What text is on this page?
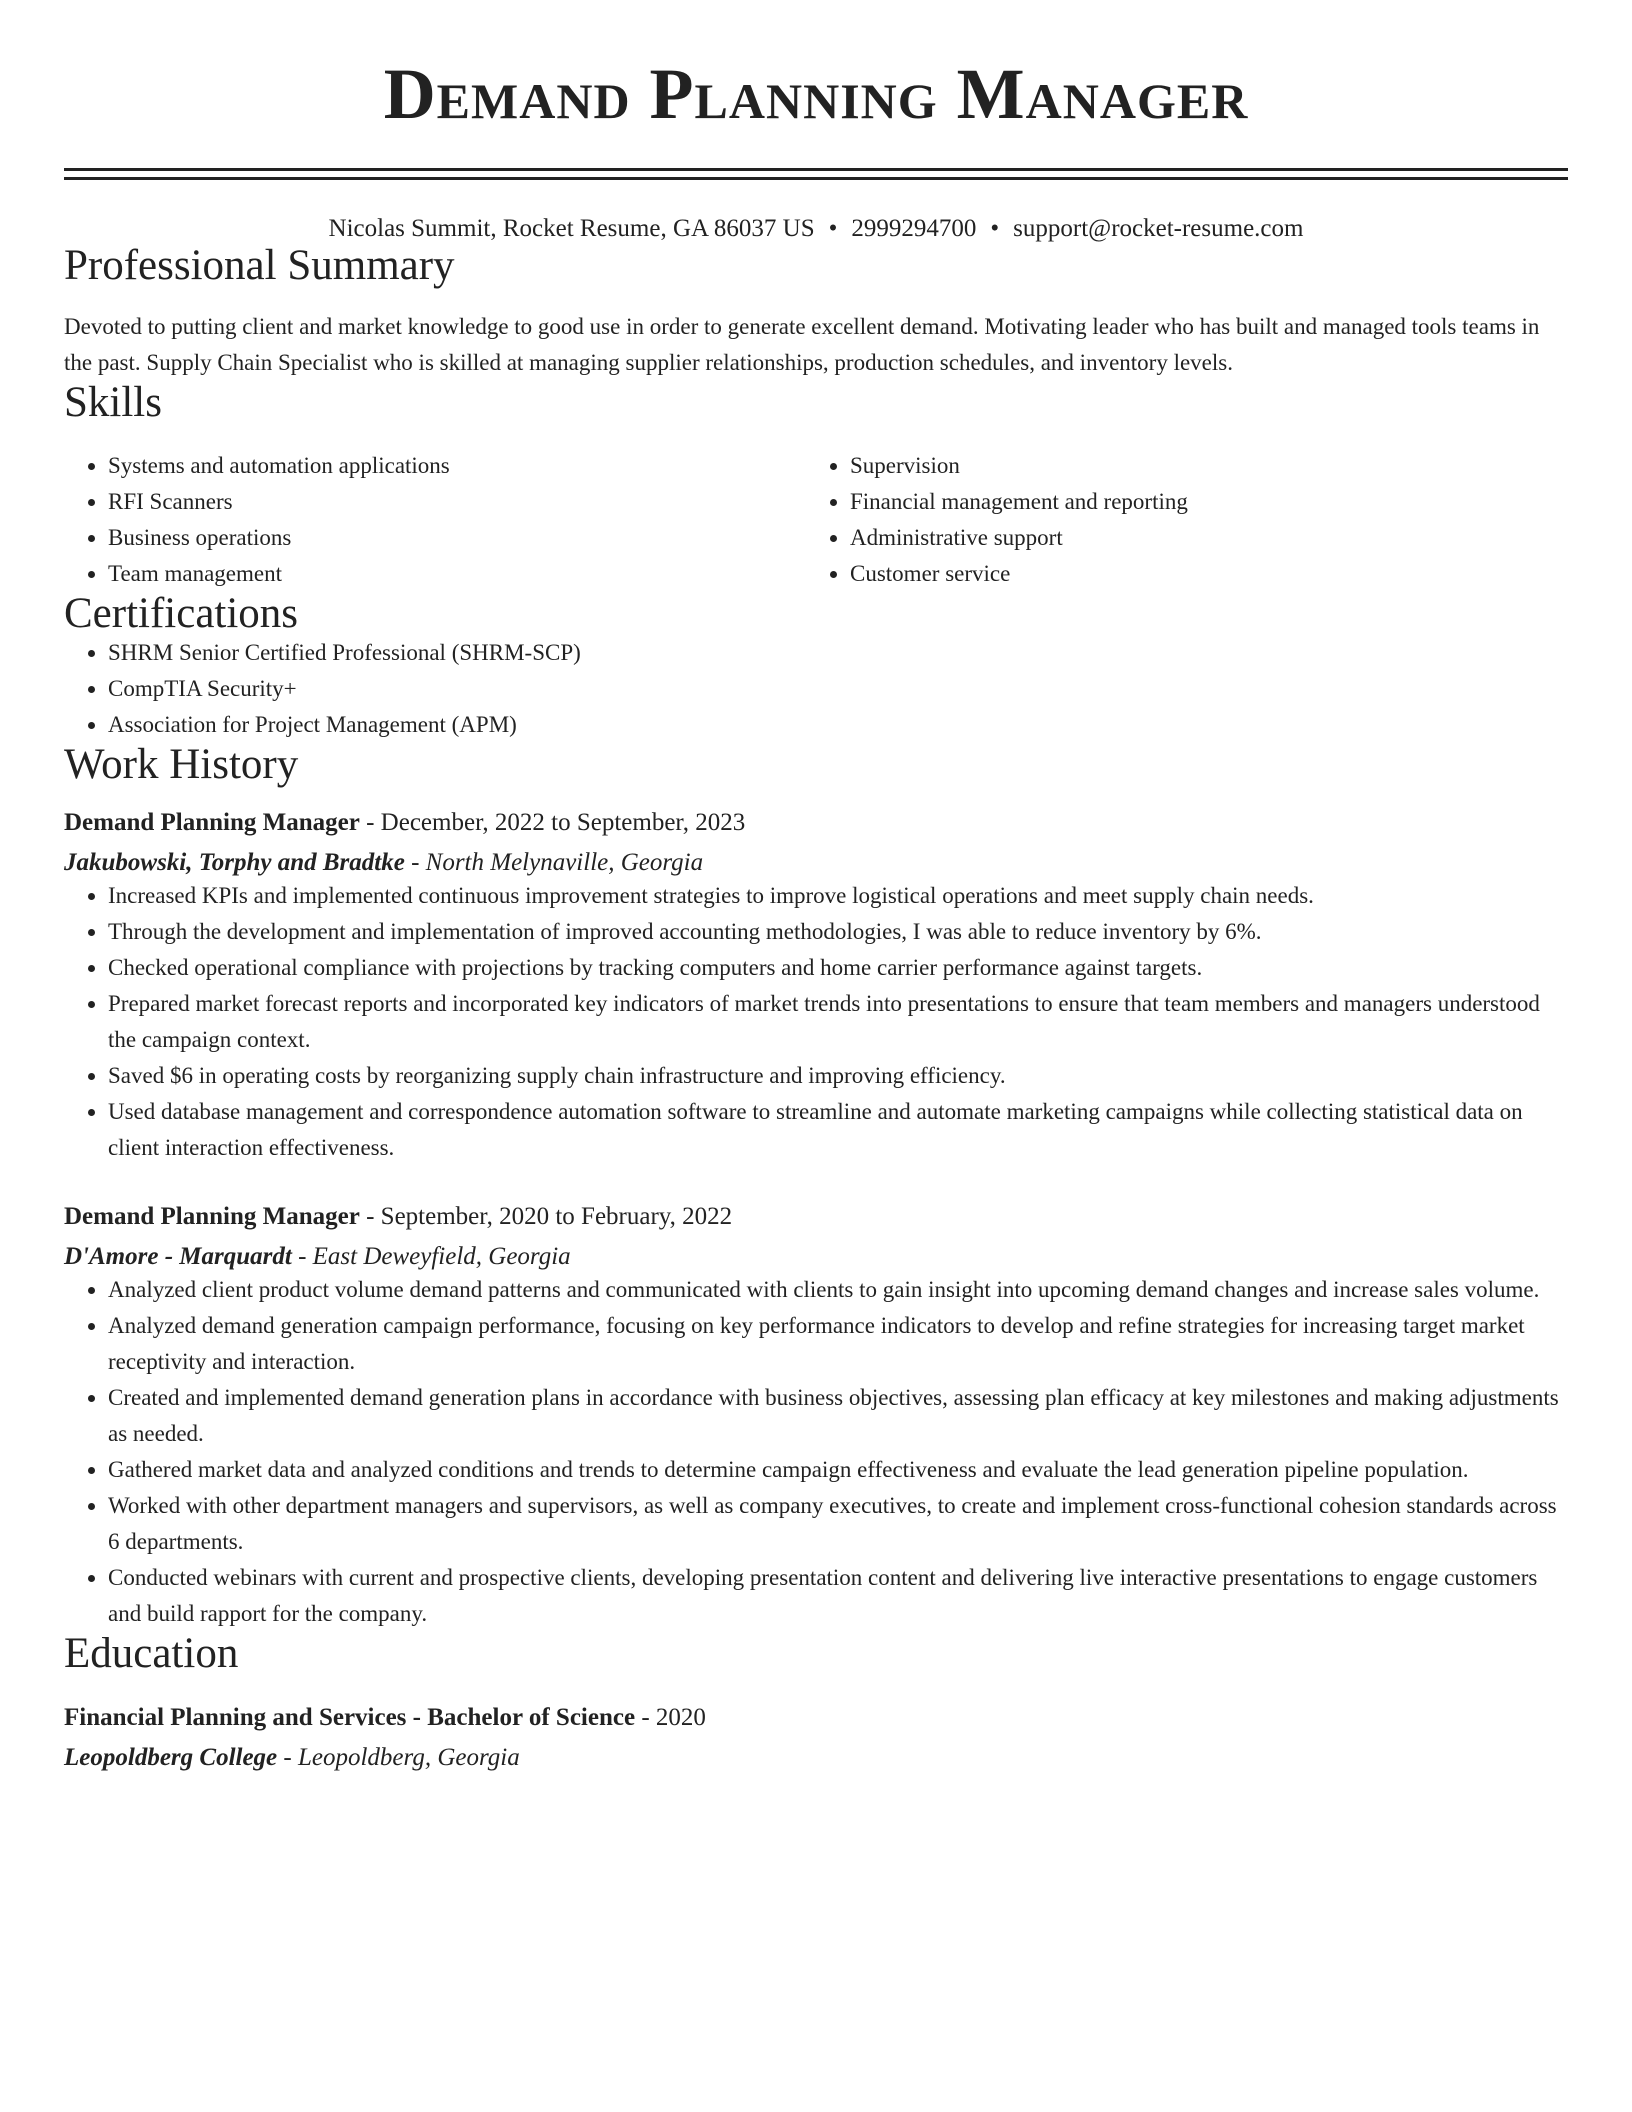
Demand Planning Manager
Nicolas Summit, Rocket Resume, GA 86037 US • 2999294700 • support@rocket-resume.com
Professional Summary
Devoted to putting client and market knowledge to good use in order to generate excellent demand. Motivating leader who has built and managed tools teams in the past. Supply Chain Specialist who is skilled at managing supplier relationships, production schedules, and inventory levels.
Skills
• Systems and automation applications
• RFI Scanners
• Business operations
• Team management
• Supervision
• Financial management and reporting
• Administrative support
• Customer service
Certifications
• SHRM Senior Certified Professional (SHRM-SCP)
• CompTIA Security+
• Association for Project Management (APM)
Work History
Demand Planning Manager - December, 2022 to September, 2023
Jakubowski, Torphy and Bradtke - North Melynaville, Georgia
• Increased KPIs and implemented continuous improvement strategies to improve logistical operations and meet supply chain needs.
• Through the development and implementation of improved accounting methodologies, I was able to reduce inventory by 6%.
• Checked operational compliance with projections by tracking computers and home carrier performance against targets.
• Prepared market forecast reports and incorporated key indicators of market trends into presentations to ensure that team members and managers understood the campaign context.
• Saved $6 in operating costs by reorganizing supply chain infrastructure and improving efficiency.
• Used database management and correspondence automation software to streamline and automate marketing campaigns while collecting statistical data on client interaction effectiveness.
Demand Planning Manager - September, 2020 to February, 2022
D'Amore - Marquardt - East Deweyfield, Georgia
• Analyzed client product volume demand patterns and communicated with clients to gain insight into upcoming demand changes and increase sales volume.
• Analyzed demand generation campaign performance, focusing on key performance indicators to develop and refine strategies for increasing target market receptivity and interaction.
• Created and implemented demand generation plans in accordance with business objectives, assessing plan efficacy at key milestones and making adjustments as needed.
• Gathered market data and analyzed conditions and trends to determine campaign effectiveness and evaluate the lead generation pipeline population.
• Worked with other department managers and supervisors, as well as company executives, to create and implement cross-functional cohesion standards across 6 departments.
• Conducted webinars with current and prospective clients, developing presentation content and delivering live interactive presentations to engage customers and build rapport for the company.
Education
Financial Planning and Services - Bachelor of Science - 2020
Leopoldberg College - Leopoldberg, Georgia
